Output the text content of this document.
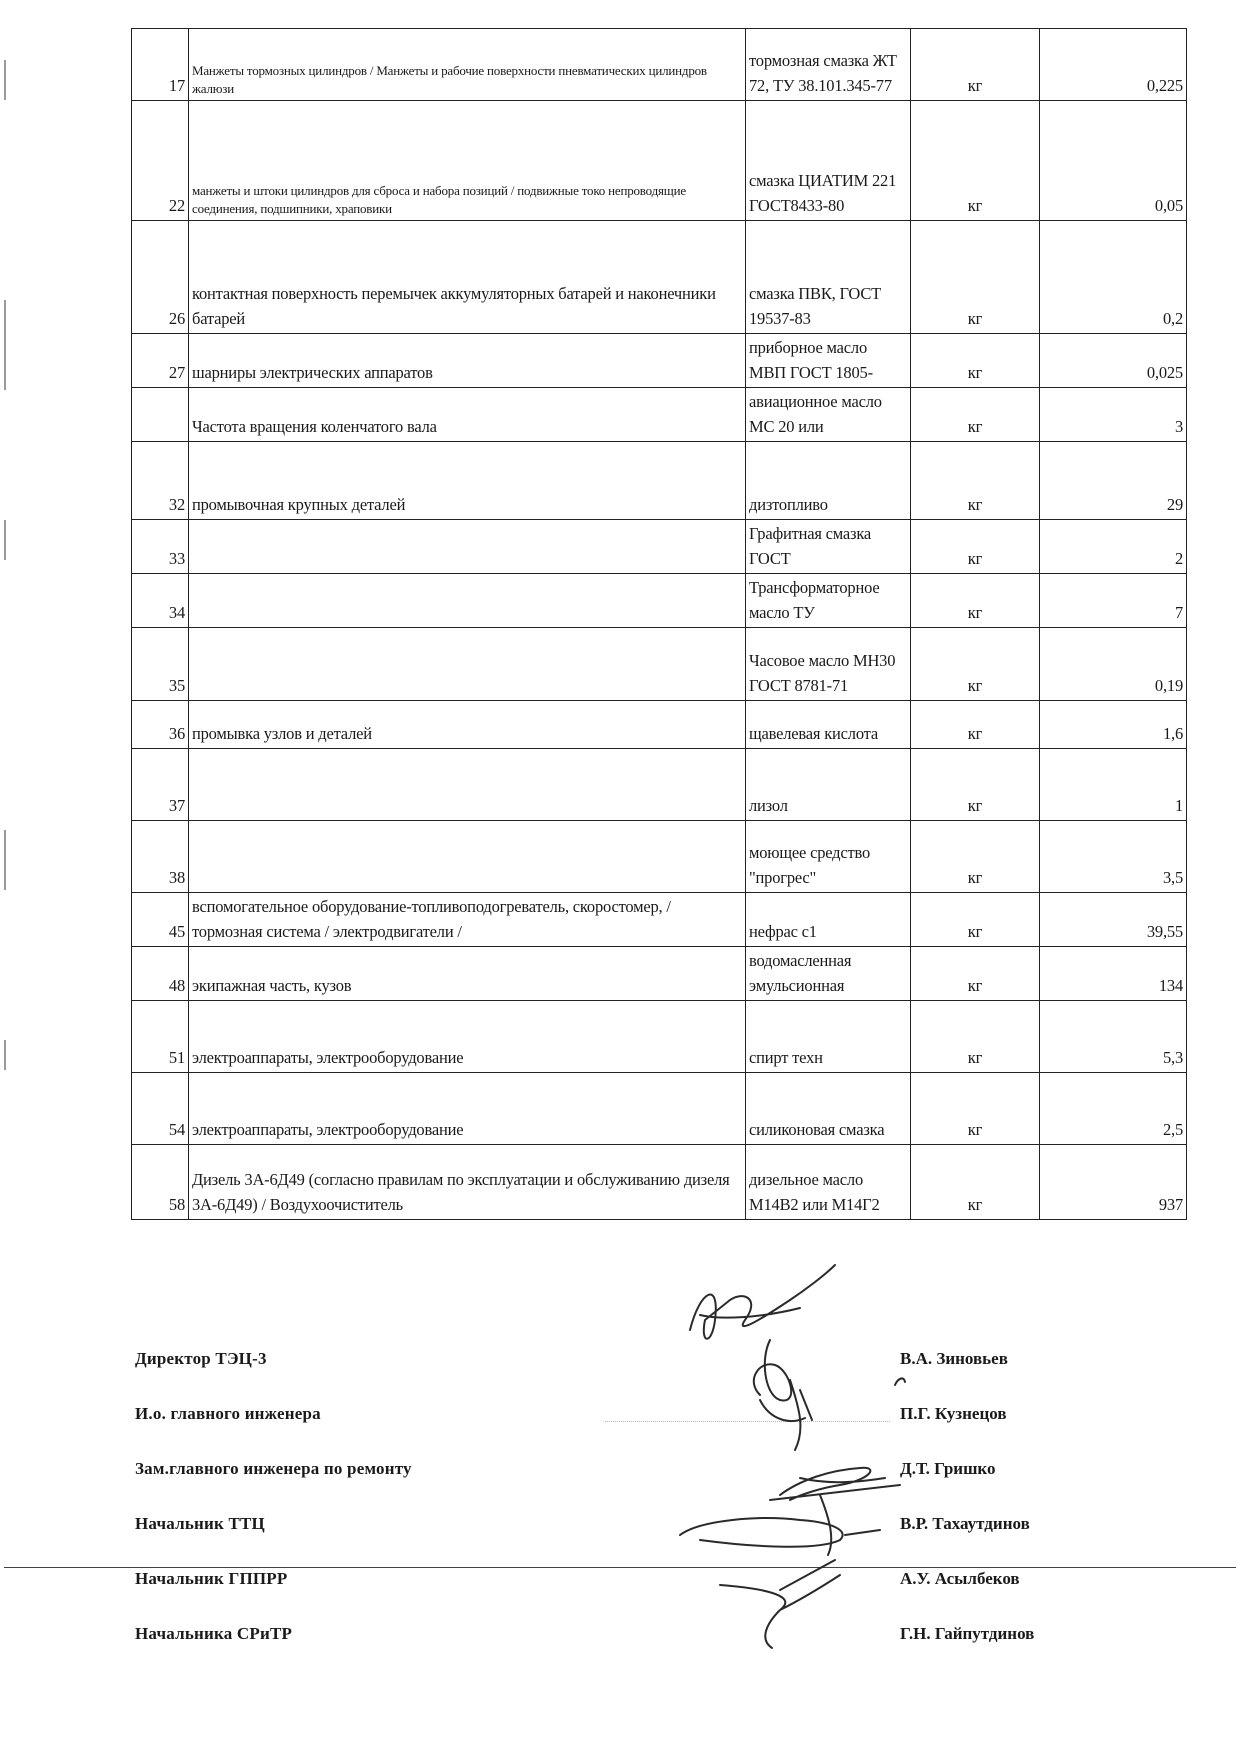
17	Манжеты тормозных цилиндров / Манжеты и рабочие поверхности пневматических цилиндров жалюзи	тормозная смазка ЖТ 72, ТУ 38.101.345-77	кг	0,225
22	манжеты и штоки цилиндров для сброса и набора позиций / подвижные токо непроводящие соединения, подшипники, храповики	смазка ЦИАТИМ 221 ГОСТ8433-80	кг	0,05
26	контактная поверхность перемычек аккумуляторных батарей и наконечники батарей	смазка ПВК, ГОСТ 19537-83	кг	0,2
27	шарниры электрических аппаратов	приборное масло МВП ГОСТ 1805-	кг	0,025
	Частота вращения коленчатого вала	авиационное масло МС 20 или	кг	3
32	промывочная крупных деталей	дизтопливо	кг	29
33		Графитная смазка ГОСТ	кг	2
34		Трансформаторное масло ТУ	кг	7
35		Часовое масло МН30 ГОСТ 8781-71	кг	0,19
36	промывка узлов и деталей	щавелевая кислота	кг	1,6
37		лизол	кг	1
38		моющее средство "прогрес"	кг	3,5
45	вспомогательное оборудование-топливоподогреватель, скоростомер, / тормозная система / электродвигатели /	нефрас с1	кг	39,55
48	экипажная часть, кузов	водомасленная эмульсионная	кг	134
51	электроаппараты, электрооборудование	спирт техн	кг	5,3
54	электроаппараты, электрооборудование	силиконовая смазка	кг	2,5
58	Дизель 3А-6Д49 (согласно правилам по эксплуатации и обслуживанию дизеля 3А-6Д49) / Воздухоочиститель	дизельное масло М14В2 или М14Г2	кг	937
Директор ТЭЦ-3	В.А. Зиновьев
И.о. главного инженера	П.Г. Кузнецов
Зам.главного инженера по ремонту	Д.Т. Гришко
Начальник ТТЦ	В.Р. Тахаутдинов
Начальник ГППРР	А.У. Асылбеков
Начальника СРиТР	Г.Н. Гайпутдинов
